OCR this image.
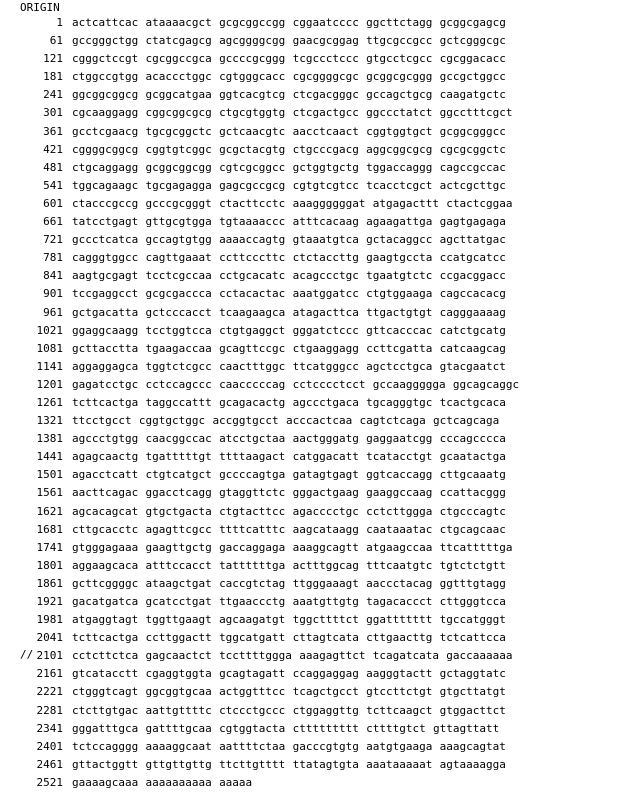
ORIGIN
1 actcattcac ataaaacgct gcgcggccgg cggaatcccc ggcttctagg gcggcgagcg
61 gccgggctgg ctatcgagcg agcggggcgg gaacgcggag ttgcgccgcc gctcgggcgc
121 cgggctccgt cgcggccgca gccccgcggg tcgccctccc gtgcctcgcc cgcggacacc
181 ctggccgtgg acaccctggc cgtgggcacc cgcggggcgc gcggcgcggg gccgctggcc
241 ggcggcggcg gcggcatgaa ggtcacgtcg ctcgacgggc gccagctgcg caagatgctc
301 cgcaaggagg cggcggcgcg ctgcgtggtg ctcgactgcc ggccctatct ggcctttcgct
361 gcctcgaacg tgcgcggctc gctcaacgtc aacctcaact cggtggtgct gcggcgggcc
421 cggggcggcg cggtgtcggc gcgctacgtg ctgcccgacg aggcggcgcg cgcgcggctc
481 ctgcaggagg gcggcggcgg cgtcgcggcc gctggtgctg tggaccaggg cagccgccac
541 tggcagaagc tgcgagagga gagcgccgcg cgtgtcgtcc tcacctcgct actcgcttgc
601 ctacccgccg gcccgcgggt ctacttcctc aaaggggggat atgagacttt ctactcggaa
661 tatcctgagt gttgcgtgga tgtaaaaccc atttcacaag agaagattga gagtgagaga
721 gccctcatca gccagtgtgg aaaaccagtg gtaaatgtca gctacaggcc agcttatgac
781 cagggtggcc cagttgaaat ccttcccttc ctctaccttg gaagtgccta ccatgcatcc
841 aagtgcgagt tcctcgccaa cctgcacatc acagccctgc tgaatgtctc ccgacggacc
901 tccgaggcct gcgcgaccca cctacactac aaatggatcc ctgtggaaga cagccacacg
961 gctgacatta gctcccacct tcaagaagca atagacttca ttgactgtgt cagggaaaag
1021 ggaggcaagg tcctggtcca ctgtgaggct gggatctccc gttcacccac catctgcatg
1081 gcttaccttа tgaagaccaa gcagttccgc ctgaaggagg ccttcgatta catcaagcag
1141 aggaggagca tggtctcgcc caactttggc ttcatgggcc agctcctgca gtacgaatct
1201 gagatcctgc cctccagccc caacccccag cctcccctcct gccaaggggga ggcagcaggc
1261 tcttcactga taggccattt gcagacactg agccctgaca tgcagggtgc tcactgcaca
1321 ttcctgcct cggtgctggc accggtgcct acccactcaa cagtctcaga gctcagcaga
1381 agccctgtgg caacggccac atcctgctaa aactgggatg gaggaatcgg cccagcccca
1441 agagcaactg tgatttttgt ttttaagact catggacatt tcatacctgt gcaatactga
1501 agacctcatt ctgtcatgct gccccagtga gatagtgagt ggtcaccagg cttgcaaatg
1561 aacttcagac ggacctcagg gtaggttctc gggactgaag gaaggccaag ccattacggg
1621 agcacagcat gtgctgacta ctgtacttcc agacccctgc cctcttggga ctgcccagtc
1681 cttgcacctc agagttcgcc ttttcatttc aagcataagg caataaatac ctgcagcaac
1741 gtgggagaaa gaagttgctg gaccaggaga aaaggcagtt atgaagccaa ttcatttttga
1801 aggaagcaca atttccacct tattttttga actttggcag tttcaatgtc tgtctctgtt
1861 gcttcggggc ataagctgat caccgtctag ttgggaaagt aaccctacag ggtttgtagg
1921 gacatgatca gcatcctgat ttgaaccctg aaatgttgtg tagacaccct cttgggtcca
1981 atgaggtagt tggttgaagt agcaagatgt tggcttttct ggattttttt tgccatgggt
2041 tcttcactga ccttggactt tggcatgatt cttagtcata cttgaacttg tctcattcca
2101 cctcttctca gagcaactct tccttttggga aaagagttct tcagatcata gaccaaaaaa
2161 gtcatacctt cgaggtggta gcagtagatt ccaggaggag aagggtactt gctaggtatc
2221 ctgggtcagt ggcggtgcaa actggtttcc tcagctgcct gtccttctgt gtgcttatgt
2281 ctcttgtgac aattgttttc ctccctgccc ctggaggttg tcttcaagct gtggacttct
2341 gggatttgca gattttgcaa cgtggtacta cttttttttt cttttgtct gttagttatt
2401 tctccagggg aaaaggcaat aattttctaa gacccgtgtg aatgtgaaga aaagcagtat
2461 gttactggtt gttgttgttg ttcttgtttt ttatagtgta aaataaaaat agtaaaagga
2521 gaaaagcaaa aaaaaaaaaa aaaaa
//
